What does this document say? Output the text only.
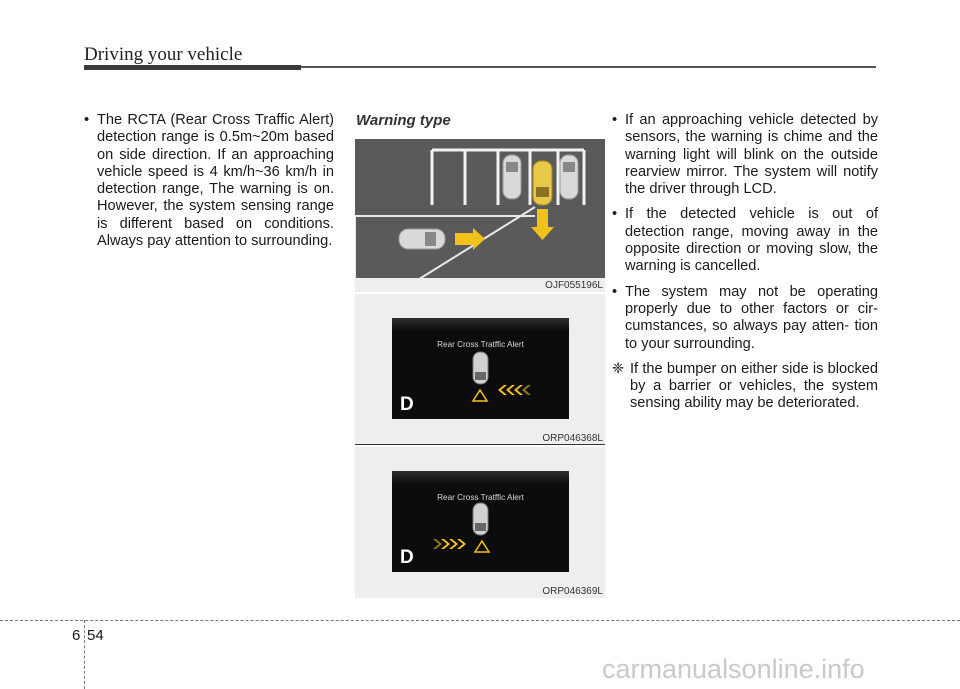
Driving your vehicle
• The RCTA (Rear Cross Traffic Alert) detection range is 0.5m~20m based on side direction. If an approaching vehicle speed is 4 km/h~36 km/h in detection range, The warning is on. However, the system sensing range is different based on conditions. Always pay attention to surrounding.
Warning type
OJF055196L
Rear Cross Tratffic Alert
D
ORP046368L
Rear Cross Tratffic Alert
D
ORP046369L
• If an approaching vehicle detected by sensors, the warning is chime and the warning light will blink on the outside rearview mirror. The system will notify the driver through LCD.
• If the detected vehicle is out of detection range, moving away in the opposite direction or moving slow, the warning is cancelled.
• The system may not be operating properly due to other factors or cir- cumstances, so always pay atten- tion to your surrounding.
❈ If the bumper on either side is blocked by a barrier or vehicles, the system sensing ability may be deteriorated.
6 54
carmanualsonline.info
